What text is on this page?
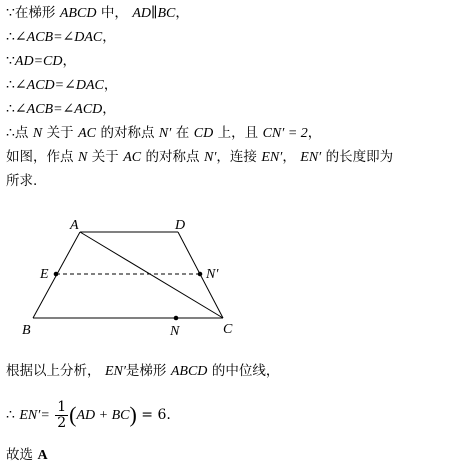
∵在梯形 ABCD 中， AD∥BC，
∴∠ACB=∠DAC，
∵AD=CD，
∴∠ACD=∠DAC，
∴∠ACB=∠ACD，
∴点 N 关于 AC 的对称点 N′ 在 CD 上，且 CN′ = 2，
如图，作点 N 关于 AC 的对称点 N′，连接 EN′， EN′ 的长度即为
所求.
A	D
E	N′
B	N	C
根据以上分析， EN′是梯形 ABCD 的中位线，
∴ $EN'= \frac{1}{2} (AD + BC) = 6$.
故选 A
